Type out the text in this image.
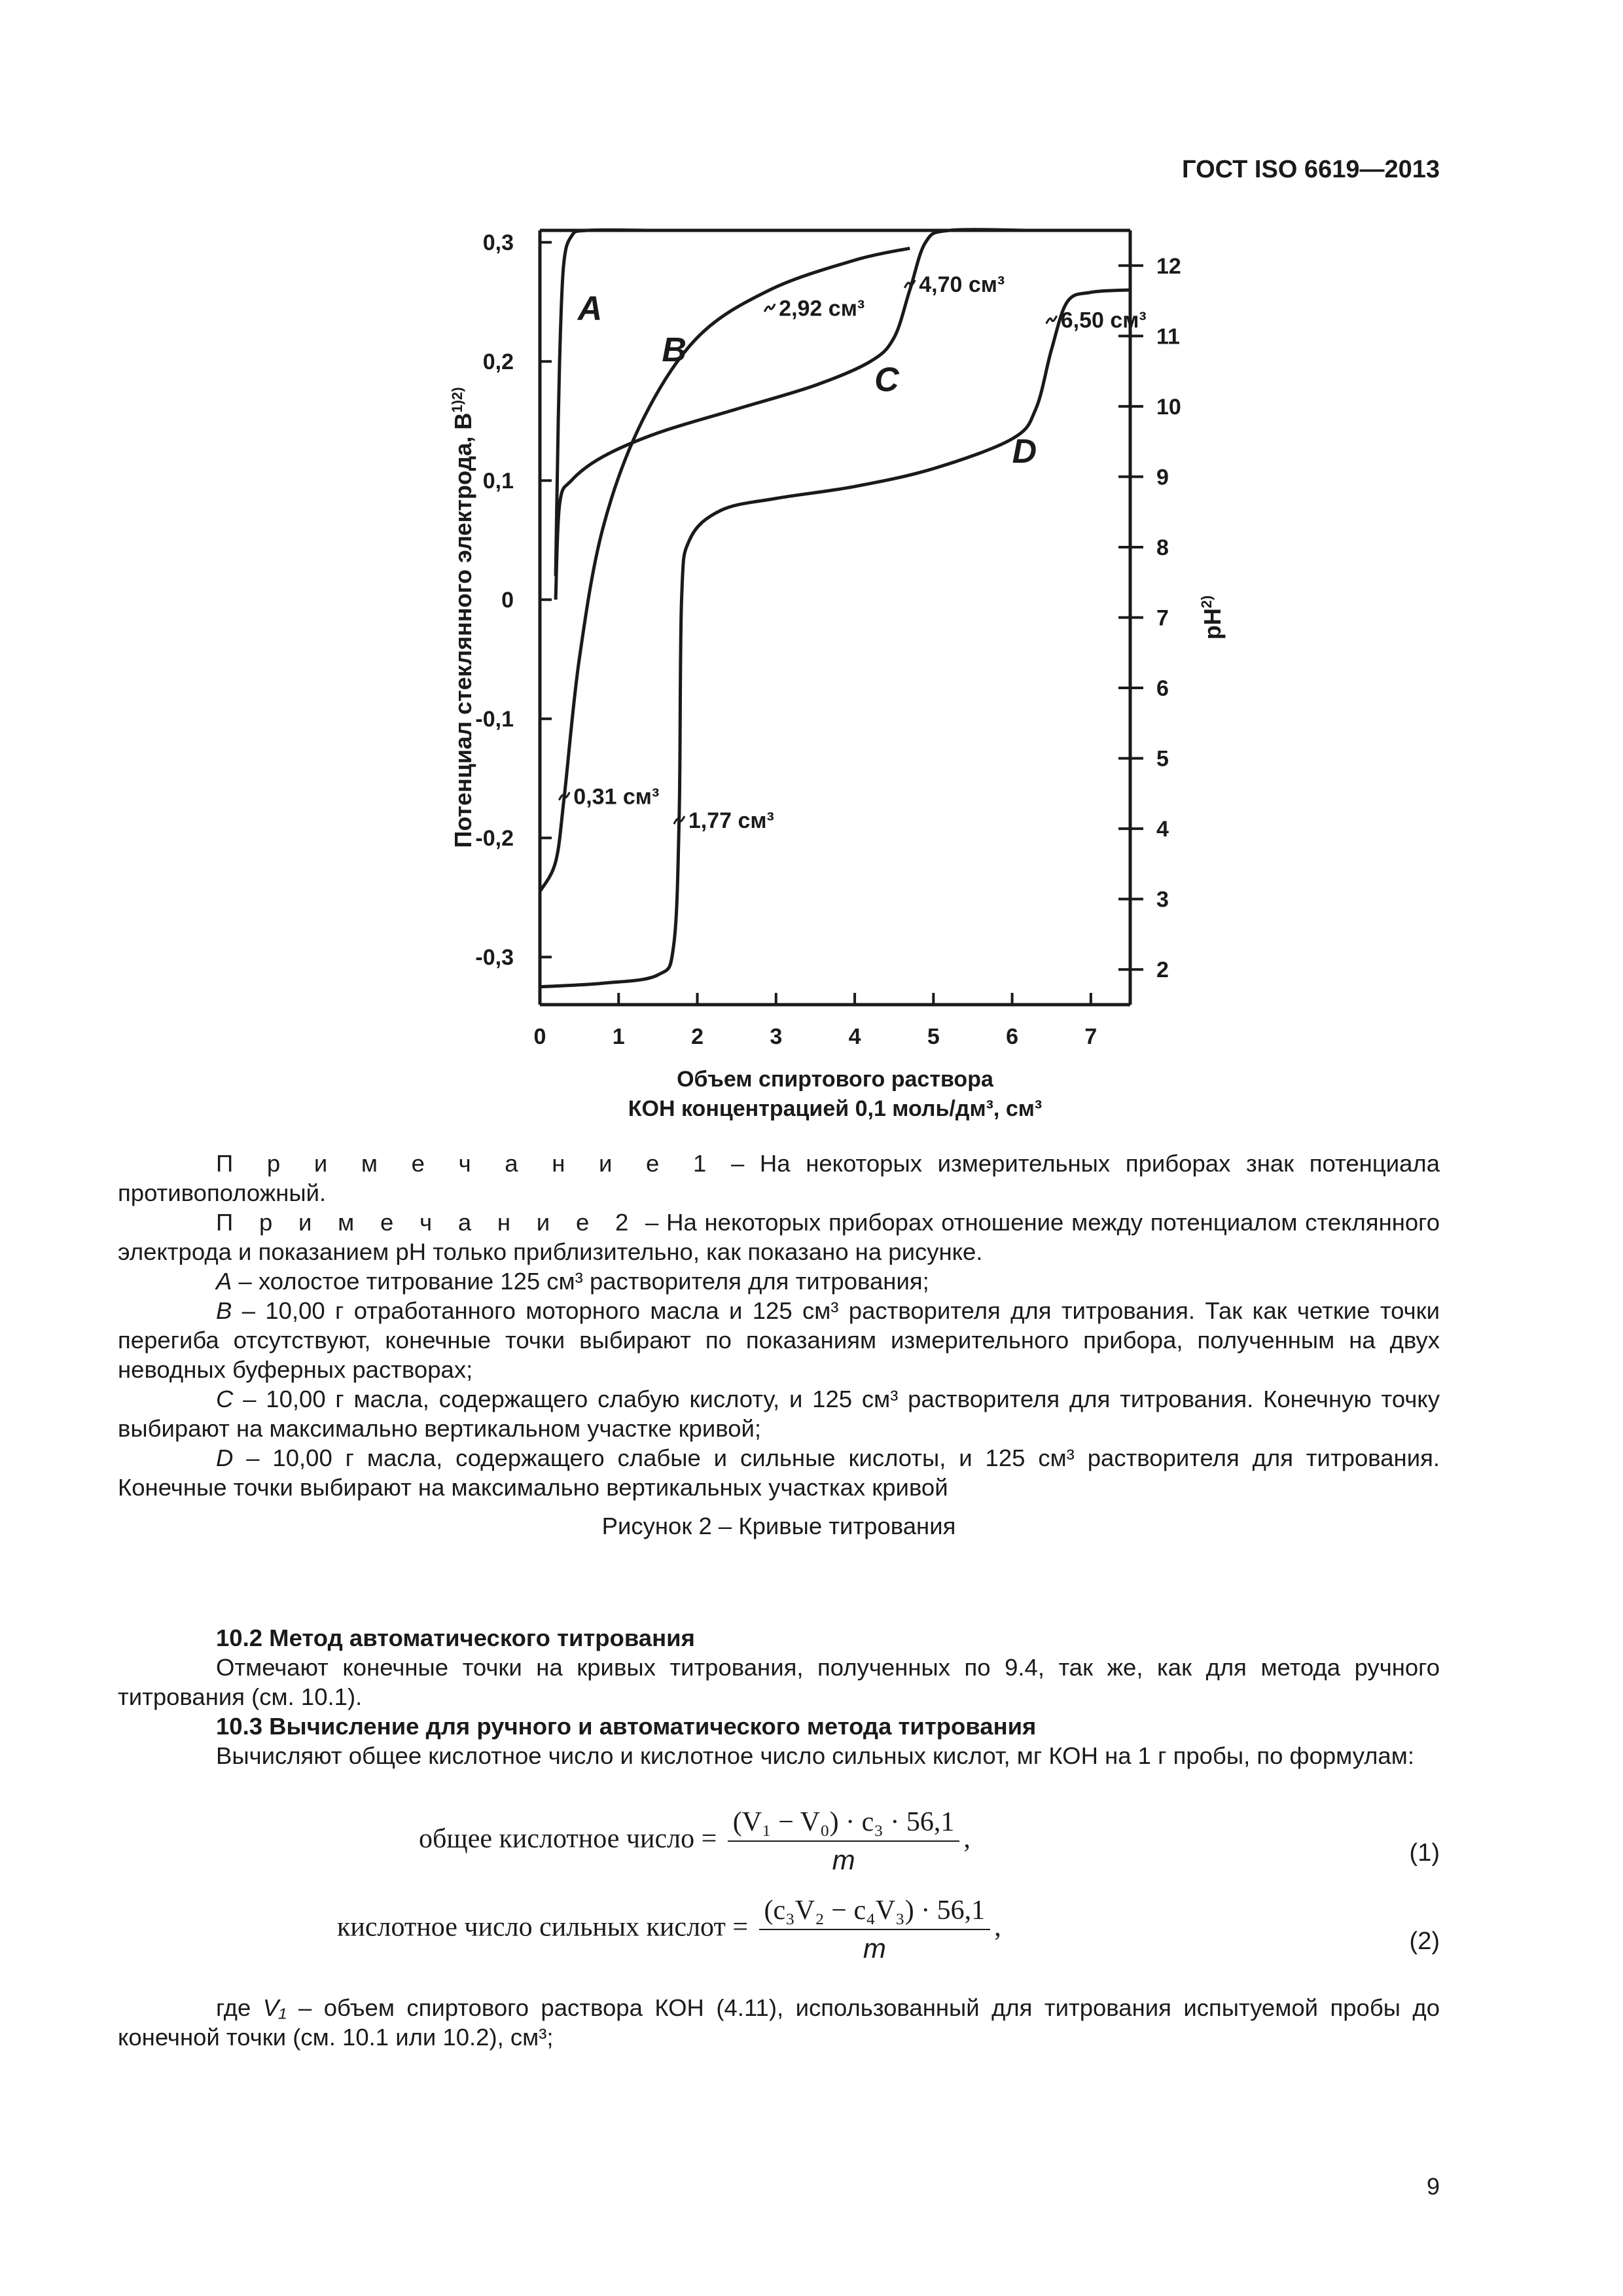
ГОСТ ISO 6619—2013
0,3
0,2
0,1
0
-0,1
-0,2
-0,3
2
3
4
5
6
7
8
9
10
11
12
0	1	2	3	4	5	6	7
A
B
C
D
0,31 см³
1,77 см³
2,92 см³
4,70 см³
6,50 см³
Потенциал стеклянного электрода, $В^{1)2)}$
$pH^{2)}$
Объем спиртового раствора
КОН концентрацией 0,1 моль/дм³, см³

П р и м е ч а н и е 1 – На некоторых измерительных приборах знак потенциала противоположный.

П р и м е ч а н и е 2 – На некоторых приборах отношение между потенциалом стеклянного электрода и показанием pH только приблизительно, как показано на рисунке.

A – холостое титрование 125 см³ растворителя для титрования;

B – 10,00 г отработанного моторного масла и 125 см³ растворителя для титрования. Так как четкие точки перегиба отсутствуют, конечные точки выбирают по показаниям измерительного прибора, полученным на двух неводных буферных растворах;

C – 10,00 г масла, содержащего слабую кислоту, и 125 см³ растворителя для титрования. Конечную точку выбирают на максимально вертикальном участке кривой;

D – 10,00 г масла, содержащего слабые и сильные кислоты, и 125 см³ растворителя для титрования. Конечные точки выбирают на максимально вертикальных участках кривой

Рисунок 2 – Кривые титрования

10.2 Метод автоматического титрования

Отмечают конечные точки на кривых титрования, полученных по 9.4, так же, как для метода ручного титрования (см. 10.1).

10.3 Вычисление для ручного и автоматического метода титрования

Вычисляют общее кислотное число и кислотное число сильных кислот, мг КОН на 1 г пробы, по формулам:

общее кислотное число = $\frac{\text{(V₁ − V₀) · c₃ · 56,1}}{m}$ ,	(1)
кислотное число сильных кислот = $\frac{\text{(c₃V₂ − c₄V₃) · 56,1}}{m}$ ,	(2)

где V₁ – объем спиртового раствора КОН (4.11), использованный для титрования испытуемой пробы до конечной точки (см. 10.1 или 10.2), см³;

9
